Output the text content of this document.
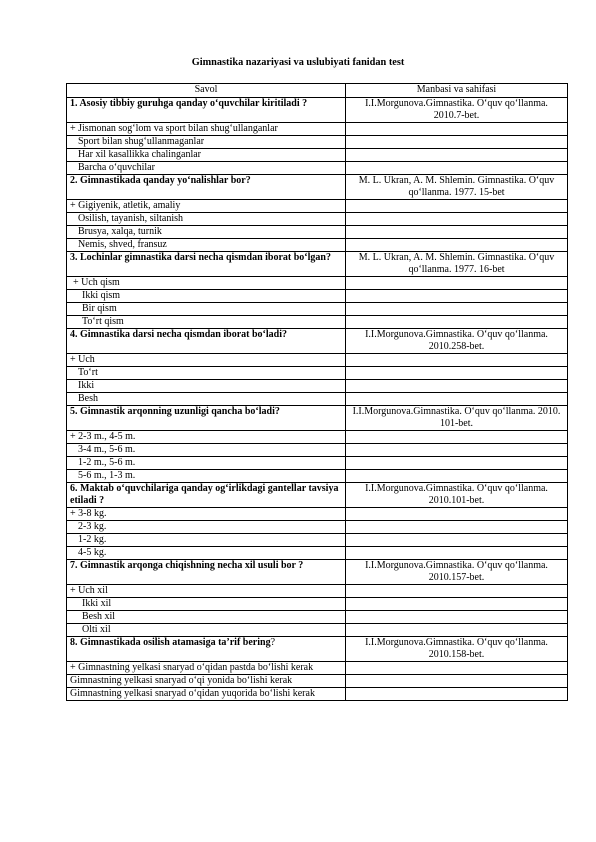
Gimnastika nazariyasi va uslubiyati fanidan test
Savol	Manbasi va sahifasi
1. Asosiy tibbiy guruhga qanday o‘quvchilar kiritiladi ?	I.I.Morgunova.Gimnastika. O‘quv qo‘llanma. 2010.7-bet.
+ Jismonan sog‘lom va sport bilan shug‘ullanganlar	
Sport bilan shug‘ullanmaganlar	
Har xil kasallikka chalinganlar	
Barcha o‘quvchilar	
2. Gimnastikada qanday yo‘nalishlar bor?	M. L. Ukran, A. M. Shlemin. Gimnastika. O‘quv qo‘llanma. 1977. 15-bet
+ Gigiyenik, atletik, amaliy	
Osilish, tayanish, siltanish	
Brusya, xalqa, turnik	
Nemis, shved, fransuz	
3. Lochinlar gimnastika darsi necha qismdan iborat bo‘lgan?	M. L. Ukran, A. M. Shlemin. Gimnastika. O‘quv qo‘llanma. 1977. 16-bet
+ Uch qism	
Ikki qism	
Bir qism	
To‘rt qism	
4. Gimnastika darsi necha qismdan iborat bo‘ladi?	I.I.Morgunova.Gimnastika. O‘quv qo‘llanma. 2010.258-bet.
+ Uch	
To‘rt	
Ikki	
Besh	
5. Gimnastik arqonning uzunligi qancha bo‘ladi?	I.I.Morgunova.Gimnastika. O‘quv qo‘llanma. 2010. 101-bet.
+ 2-3 m., 4-5 m.	
3-4 m., 5-6 m.	
1-2 m., 5-6 m.	
5-6 m., 1-3 m.	
6. Maktab o‘quvchilariga qanday og‘irlikdagi gantellar tavsiya etiladi ?	I.I.Morgunova.Gimnastika. O‘quv qo‘llanma. 2010.101-bet.
+ 3-8 kg.	
2-3 kg.	
1-2 kg.	
4-5 kg.	
7. Gimnastik arqonga chiqishning necha xil usuli bor ?	I.I.Morgunova.Gimnastika. O‘quv qo‘llanma. 2010.157-bet.
+ Uch xil	
Ikki xil	
Besh xil	
Olti xil	
8. Gimnastikada osilish atamasiga ta’rif bering?	I.I.Morgunova.Gimnastika. O‘quv qo‘llanma. 2010.158-bet.
+ Gimnastning yelkasi snaryad o‘qidan pastda bo‘lishi kerak	
Gimnastning yelkasi snaryad o‘qi yonida bo‘lishi kerak	
Gimnastning yelkasi snaryad o‘qidan yuqorida bo‘lishi kerak	
